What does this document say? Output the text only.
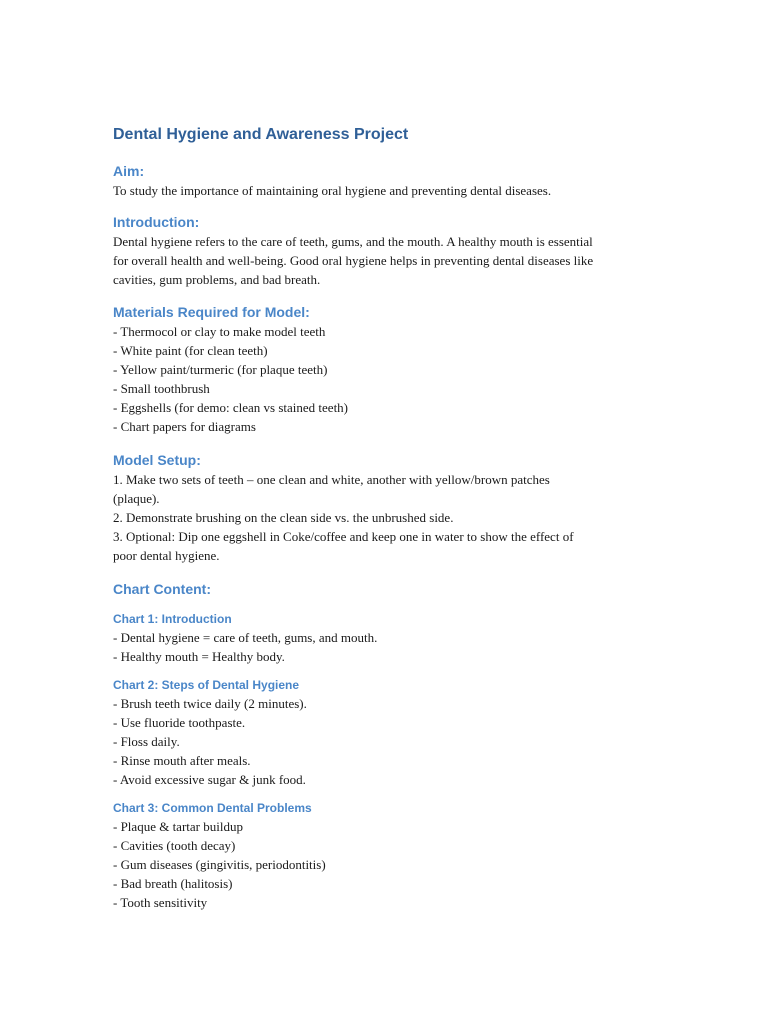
Dental Hygiene and Awareness Project
Aim:

To study the importance of maintaining oral hygiene and preventing dental diseases.

Introduction:
Dental hygiene refers to the care of teeth, gums, and the mouth. A healthy mouth is essential
for overall health and well-being. Good oral hygiene helps in preventing dental diseases like
cavities, gum problems, and bad breath.
Materials Required for Model:
- Thermocol or clay to make model teeth
- White paint (for clean teeth)
- Yellow paint/turmeric (for plaque teeth)
- Small toothbrush
- Eggshells (for demo: clean vs stained teeth)
- Chart papers for diagrams
Model Setup:
1. Make two sets of teeth – one clean and white, another with yellow/brown patches
(plaque).
2. Demonstrate brushing on the clean side vs. the unbrushed side.
3. Optional: Dip one eggshell in Coke/coffee and keep one in water to show the effect of
poor dental hygiene.
Chart Content:
Chart 1: Introduction
- Dental hygiene = care of teeth, gums, and mouth.
- Healthy mouth = Healthy body.
Chart 2: Steps of Dental Hygiene
- Brush teeth twice daily (2 minutes).
- Use fluoride toothpaste.
- Floss daily.
- Rinse mouth after meals.
- Avoid excessive sugar & junk food.
Chart 3: Common Dental Problems
- Plaque & tartar buildup
- Cavities (tooth decay)
- Gum diseases (gingivitis, periodontitis)
- Bad breath (halitosis)
- Tooth sensitivity
